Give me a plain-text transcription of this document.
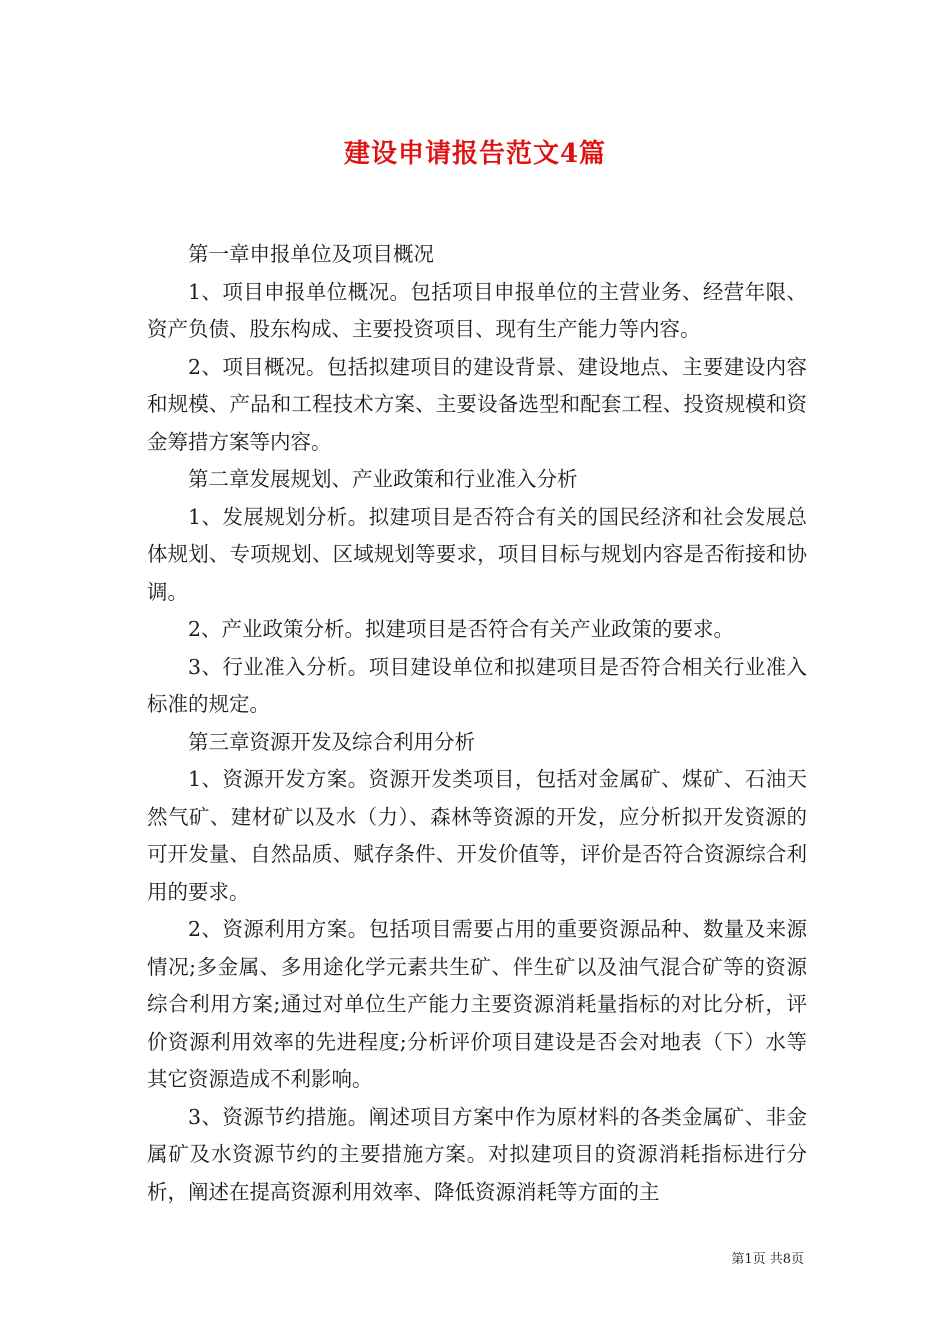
建设申请报告范文4篇

第一章申报单位及项目概况

1、项目申报单位概况。包括项目申报单位的主营业务、经营年限、资产负债、股东构成、主要投资项目、现有生产能力等内容。

2、项目概况。包括拟建项目的建设背景、建设地点、主要建设内容和规模、产品和工程技术方案、主要设备选型和配套工程、投资规模和资金筹措方案等内容。

第二章发展规划、产业政策和行业准入分析

1、发展规划分析。拟建项目是否符合有关的国民经济和社会发展总体规划、专项规划、区域规划等要求，项目目标与规划内容是否衔接和协调。

2、产业政策分析。拟建项目是否符合有关产业政策的要求。

3、行业准入分析。项目建设单位和拟建项目是否符合相关行业准入标准的规定。

第三章资源开发及综合利用分析

1、资源开发方案。资源开发类项目，包括对金属矿、煤矿、石油天然气矿、建材矿以及水（力）、森林等资源的开发，应分析拟开发资源的可开发量、自然品质、赋存条件、开发价值等，评价是否符合资源综合利用的要求。

2、资源利用方案。包括项目需要占用的重要资源品种、数量及来源情况;多金属、多用途化学元素共生矿、伴生矿以及油气混合矿等的资源综合利用方案;通过对单位生产能力主要资源消耗量指标的对比分析，评价资源利用效率的先进程度;分析评价项目建设是否会对地表（下）水等其它资源造成不利影响。

3、资源节约措施。阐述项目方案中作为原材料的各类金属矿、非金属矿及水资源节约的主要措施方案。对拟建项目的资源消耗指标进行分析，阐述在提高资源利用效率、降低资源消耗等方面的主

第1页 共8页
